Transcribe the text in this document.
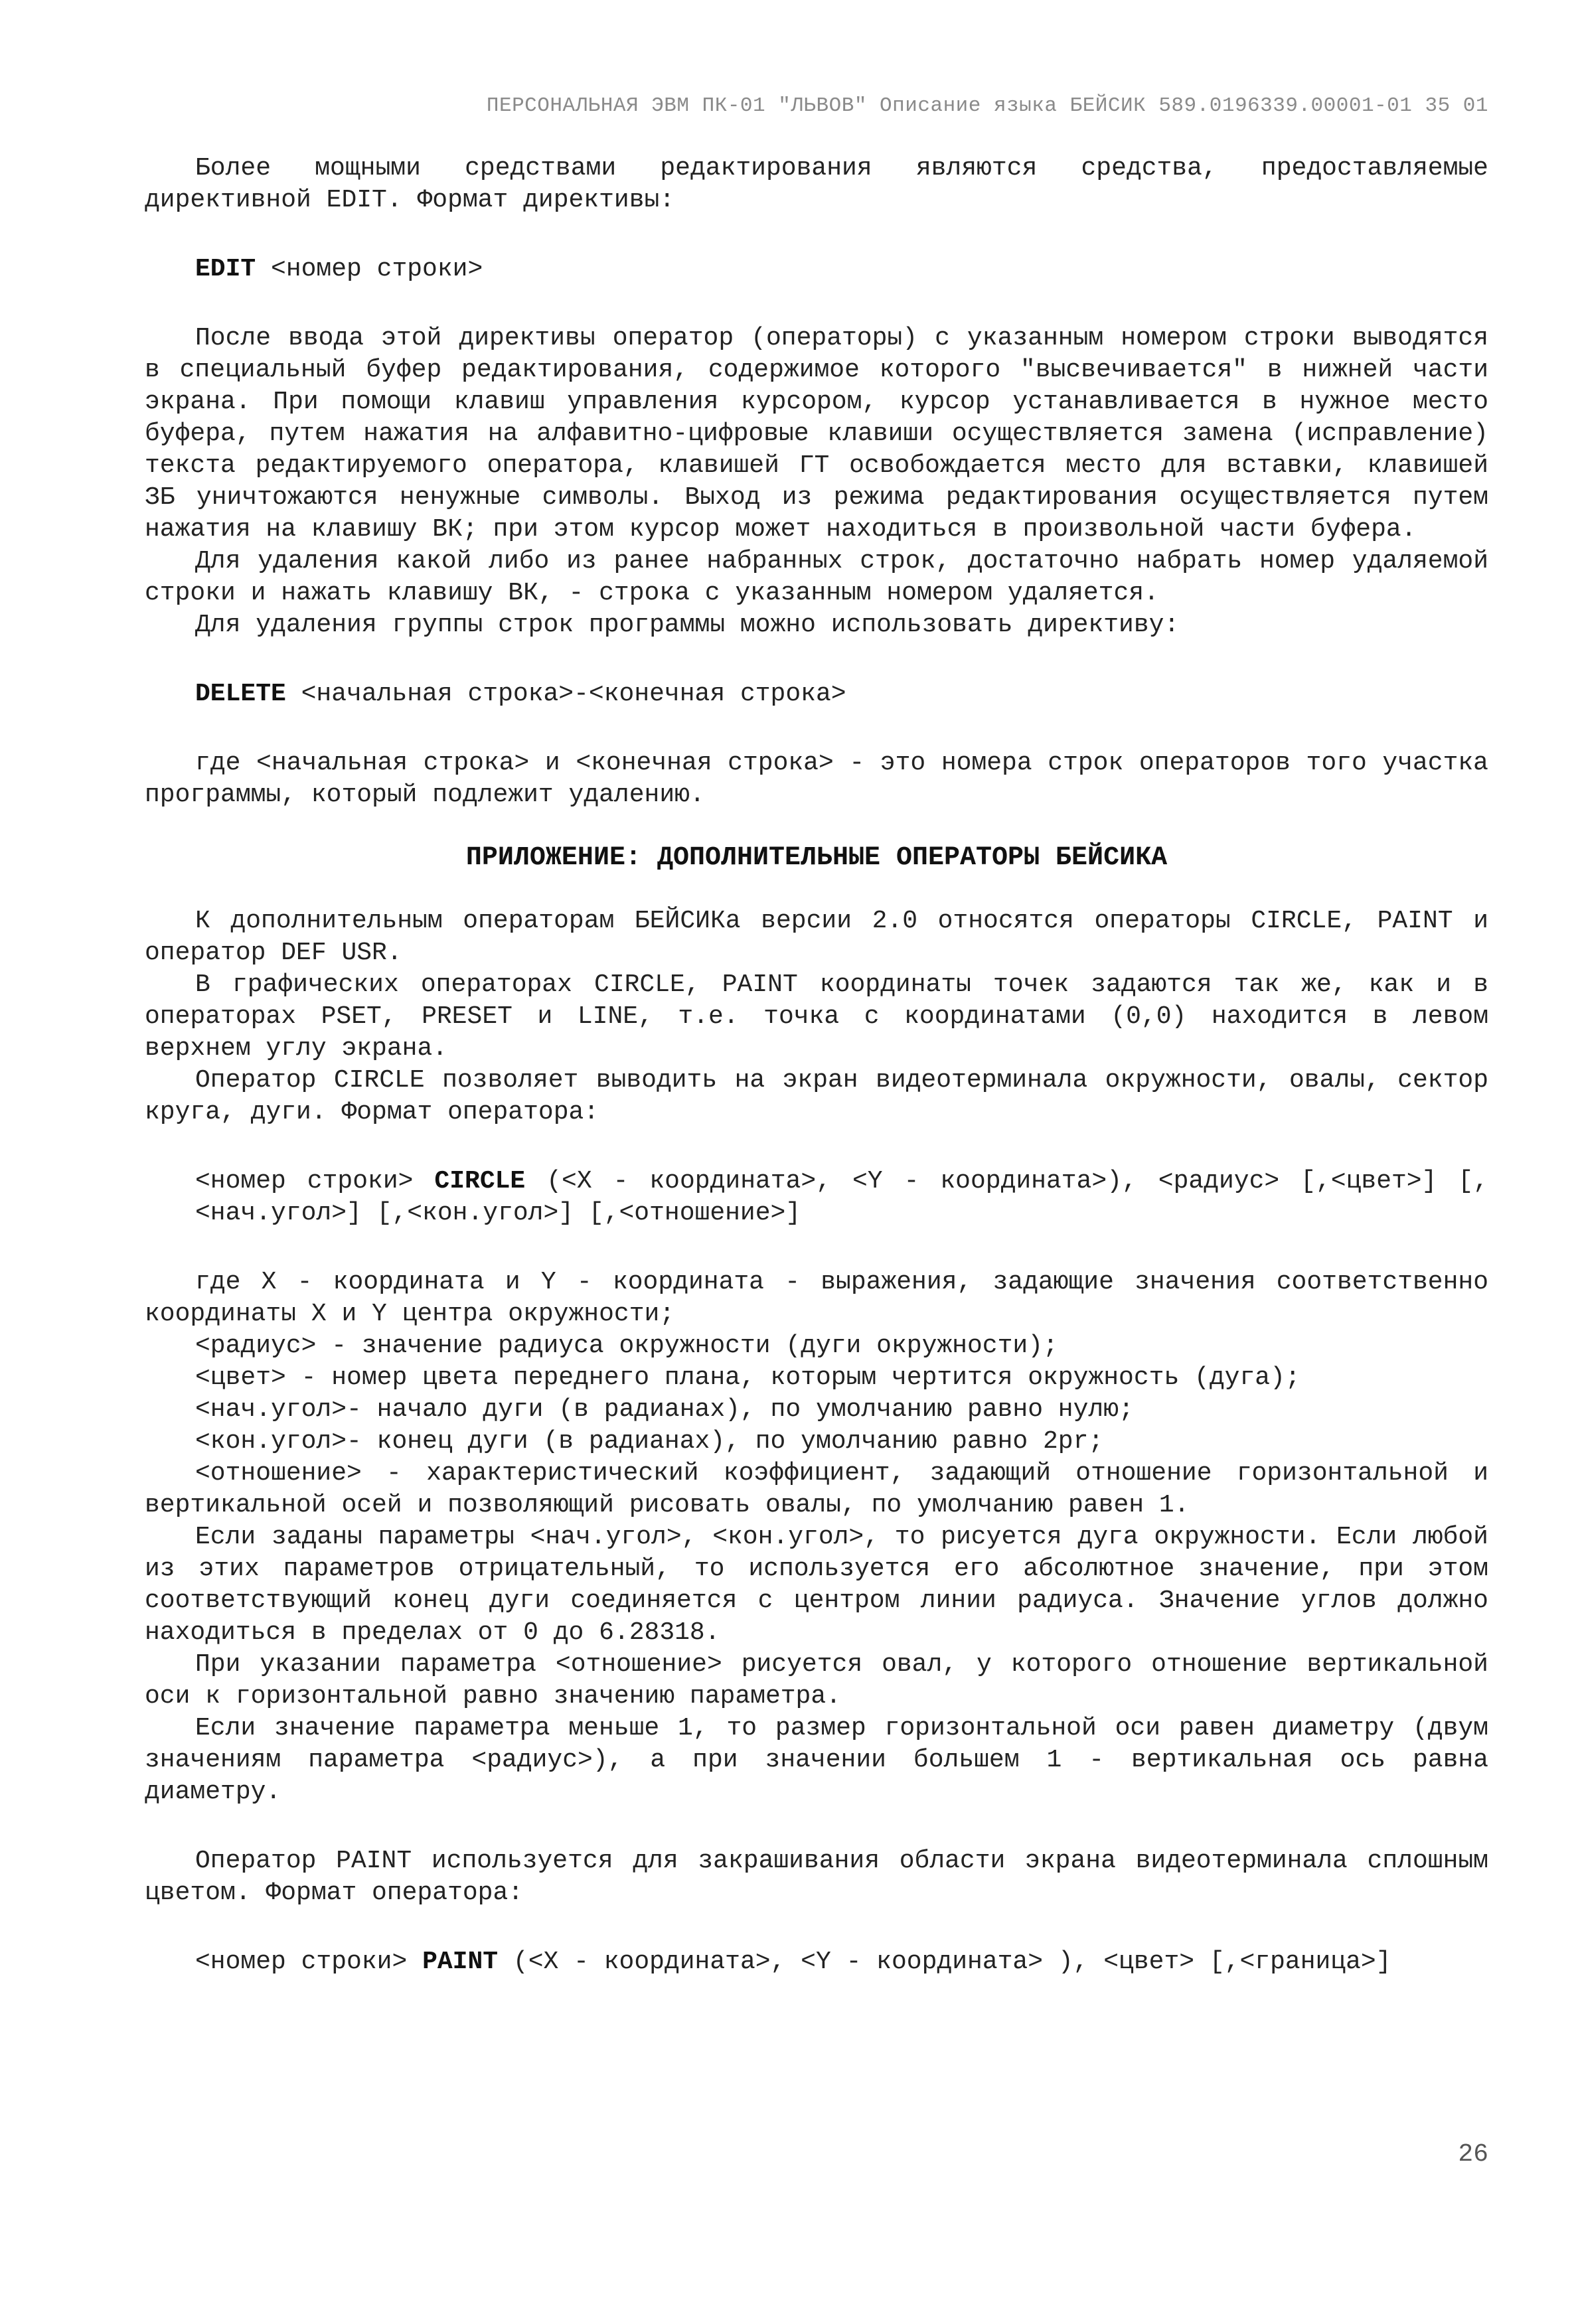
ПЕРСОНАЛЬНАЯ ЭВМ ПК-01 "ЛЬВОВ" Описание языка БЕЙСИК 589.0196339.00001-01 35 01

Более мощными средствами редактирования являются средства, предоставляемые директивной EDIT. Формат директивы:

EDIT <номер строки>

После ввода этой директивы оператор (операторы) с указанным номером строки выводятся в специальный буфер редактирования, содержимое которого "высвечивается" в нижней части экрана. При помощи клавиш управления курсором, курсор устанавливается в нужное место буфера, путем нажатия на алфавитно-цифровые клавиши осуществляется замена (исправление) текста редактируемого оператора, клавишей ГТ освобождается место для вставки, клавишей ЗБ уничтожаются ненужные символы. Выход из режима редактирования осуществляется путем нажатия на клавишу ВК; при этом курсор может находиться в произвольной части буфера.

Для удаления какой либо из ранее набранных строк, достаточно набрать номер удаляемой строки и нажать клавишу ВК, - строка с указанным номером удаляется.

Для удаления группы строк программы можно использовать директиву:

DELETE <начальная строка>-<конечная строка>

где <начальная строка> и <конечная строка> - это номера строк операторов того участка программы, который подлежит удалению.

ПРИЛОЖЕНИЕ: ДОПОЛНИТЕЛЬНЫЕ ОПЕРАТОРЫ БЕЙСИКА

К дополнительным операторам БЕЙСИКа версии 2.0 относятся операторы CIRCLE, PAINT и оператор DEF USR.

В графических операторах CIRCLE, PAINT координаты точек задаются так же, как и в операторах PSET, PRESET и LINE, т.е. точка с координатами (0,0) находится в левом верхнем углу экрана.

Оператор CIRCLE позволяет выводить на экран видеотерминала окружности, овалы, сектор круга, дуги. Формат оператора:

<номер строки> CIRCLE (<X - координата>, <Y - координата>), <радиус> [,<цвет>] [,<нач.угол>] [,<кон.угол>] [,<отношение>]

где X - координата и Y - координата - выражения, задающие значения соответственно координаты X и Y центра окружности;

<радиус> - значение радиуса окружности (дуги окружности);

<цвет> - номер цвета переднего плана, которым чертится окружность (дуга);

<нач.угол>- начало дуги (в радианах), по умолчанию равно нулю;

<кон.угол>- конец дуги (в радианах), по умолчанию равно 2pr;

<отношение> - характеристический коэффициент, задающий отношение горизонтальной и вертикальной осей и позволяющий рисовать овалы, по умолчанию равен 1.

Если заданы параметры <нач.угол>, <кон.угол>, то рисуется дуга окружности. Если любой из этих параметров отрицательный, то используется его абсолютное значение, при этом соответствующий конец дуги соединяется с центром линии радиуса. Значение углов должно находиться в пределах от 0 до 6.28318.

При указании параметра <отношение> рисуется овал, у которого отношение вертикальной оси к горизонтальной равно значению параметра.

Если значение параметра меньше 1, то размер горизонтальной оси равен диаметру (двум значениям параметра <радиус>), а при значении большем 1 - вертикальная ось равна диаметру.

Оператор PAINT используется для закрашивания области экрана видеотерминала сплошным цветом. Формат оператора:

<номер строки> PAINT (<X - координата>, <Y - координата> ), <цвет> [,<граница>]
26
